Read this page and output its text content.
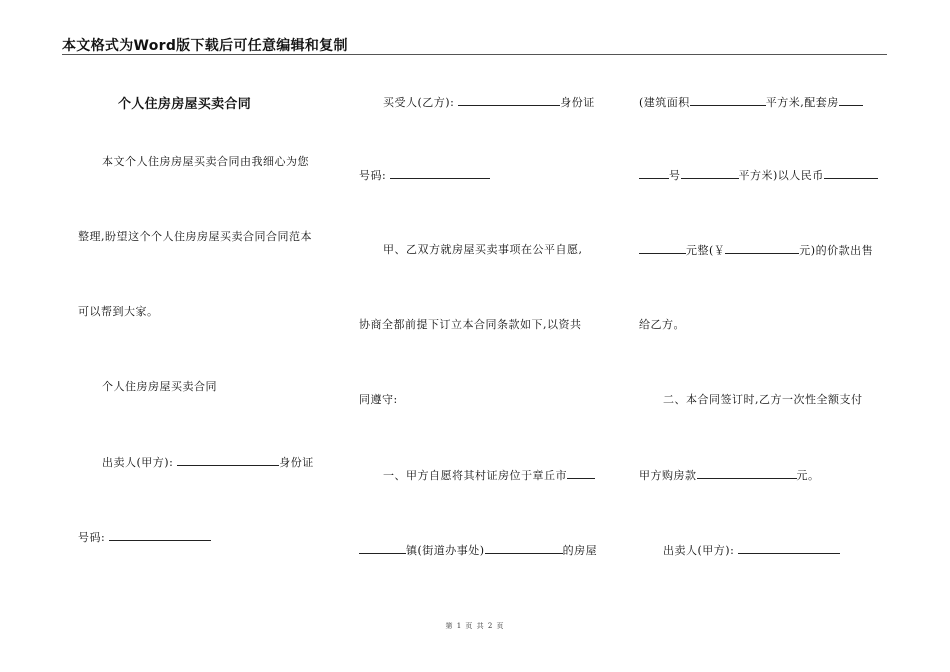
本文格式为Word版下载后可任意编辑和复制
个人住房房屋买卖合同
本文个人住房房屋买卖合同由我细心为您
整理,盼望这个个人住房房屋买卖合同合同范本
可以帮到大家。
个人住房房屋买卖合同
出卖人(甲方):	身份证
号码:
买受人(乙方):	身份证
号码:
甲、乙双方就房屋买卖事项在公平自愿,
协商全都前提下订立本合同条款如下,以资共
同遵守:
一、甲方自愿将其村证房位于章丘市
镇(街道办事处)	的房屋
(建筑面积	平方米,配套房
号	平方米)以人民币
元整(￥	元)的价款出售
给乙方。
二、本合同签订时,乙方一次性全额支付
甲方购房款	元。
出卖人(甲方):
第 1 页 共 2 页
